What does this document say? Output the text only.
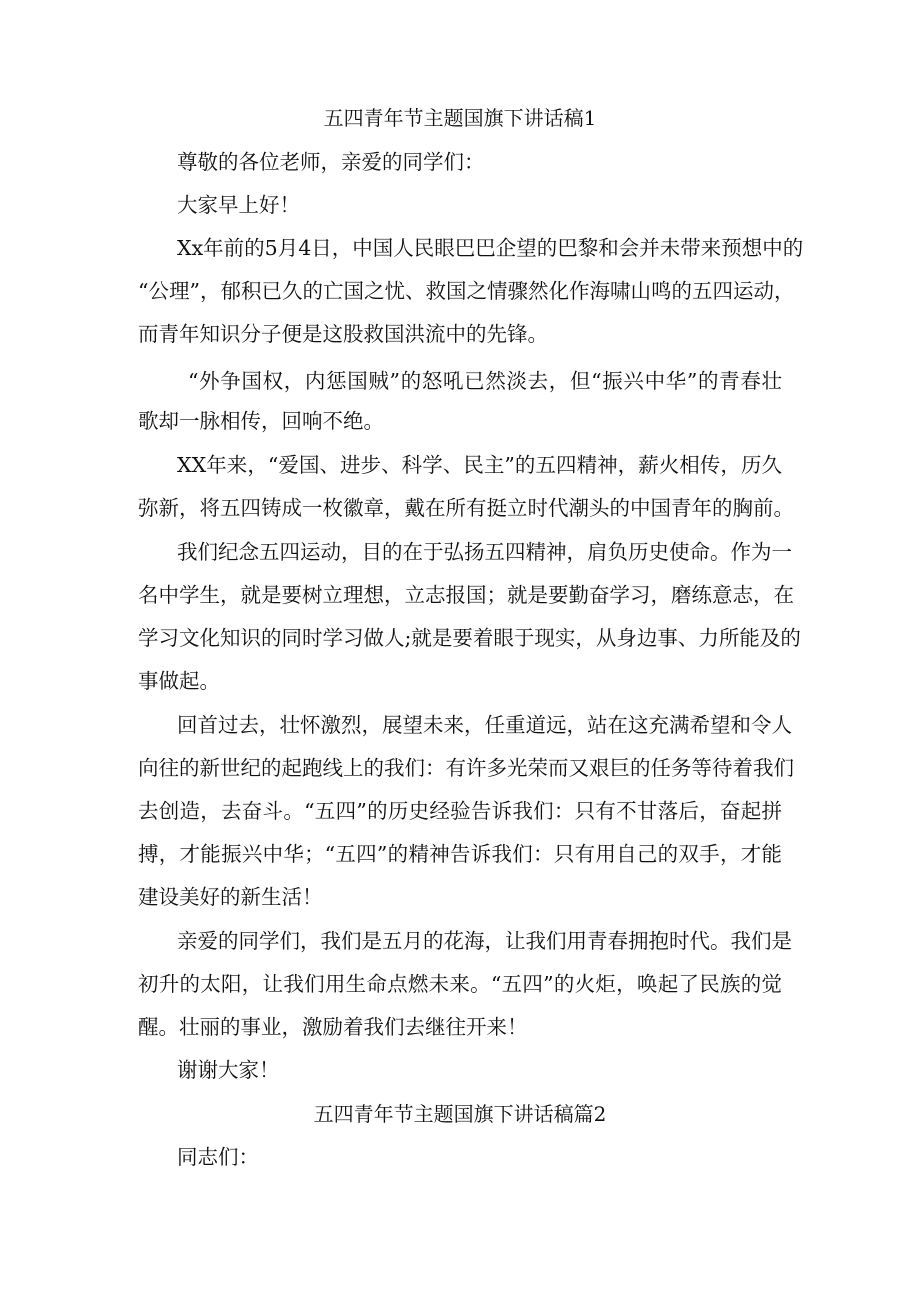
五四青年节主题国旗下讲话稿1
尊敬的各位老师，亲爱的同学们：
大家早上好！
Xx年前的5月4日，中国人民眼巴巴企望的巴黎和会并未带来预想中的
“公理”，郁积已久的亡国之忧、救国之情骤然化作海啸山鸣的五四运动，
而青年知识分子便是这股救国洪流中的先锋。
“外争国权，内惩国贼”的怒吼已然淡去，但“振兴中华”的青春壮
歌却一脉相传，回响不绝。
XX年来，“爱国、进步、科学、民主”的五四精神，薪火相传，历久
弥新，将五四铸成一枚徽章，戴在所有挺立时代潮头的中国青年的胸前。
我们纪念五四运动，目的在于弘扬五四精神，肩负历史使命。作为一
名中学生，就是要树立理想，立志报国；就是要勤奋学习，磨练意志，在
学习文化知识的同时学习做人;就是要着眼于现实，从身边事、力所能及的
事做起。
回首过去，壮怀激烈，展望未来，任重道远，站在这充满希望和令人
向往的新世纪的起跑线上的我们：有许多光荣而又艰巨的任务等待着我们
去创造，去奋斗。“五四”的历史经验告诉我们：只有不甘落后，奋起拼
搏，才能振兴中华；“五四”的精神告诉我们：只有用自己的双手，才能
建设美好的新生活！
亲爱的同学们，我们是五月的花海，让我们用青春拥抱时代。我们是
初升的太阳，让我们用生命点燃未来。“五四”的火炬，唤起了民族的觉
醒。壮丽的事业，激励着我们去继往开来！
谢谢大家！
五四青年节主题国旗下讲话稿篇2
同志们：
